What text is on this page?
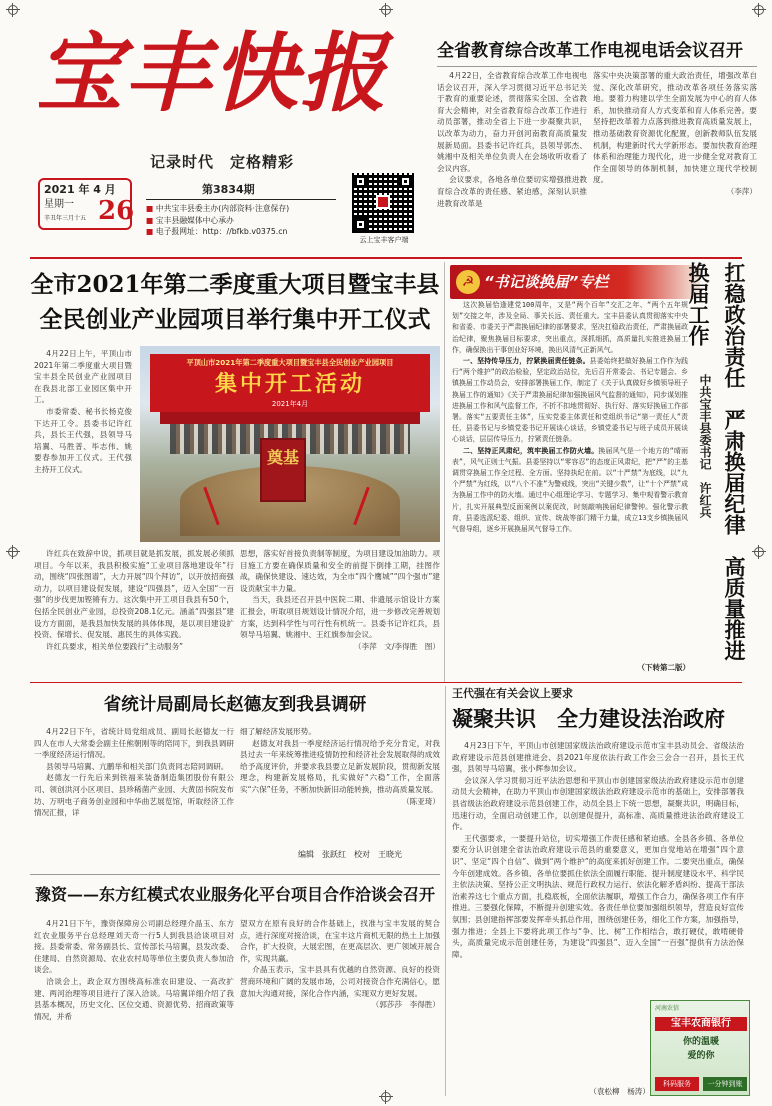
宝丰快报
记录时代　定格精彩
2021 年 4 月
星期一
辛丑年三月十五 26
第3834期
■ 中共宝丰县委主办(内部资料·注意保存)
■ 宝丰县融媒体中心承办
■ 电子报网址：http：//bfkb.v0375.cn
云上宝丰客户端
全省教育综合改革工作电视电话会议召开

4月22日，全省教育综合改革工作电视电话会议召开，深入学习贯彻习近平总书记关于教育的重要论述，贯彻落实全国、全省教育大会精神，对全省教育综合改革工作进行动员部署，推动全省上下进一步凝聚共识，以改革为动力，奋力开创河南教育高质量发展新局面。县委书记许红兵，县领导郭杰、姚湘中及相关单位负责人在会场收听收看了会议内容。

会议要求，各地各单位要切实增强推进教育综合改革的责任感、紧迫感，深刻认识推进教育改革是

落实中央决策部署的重大政治责任，增强改革自觉、深化改革研究，推动改革各项任务落实落地。要着力构建以学生全面发展为中心的育人体系，加快推动育人方式变革和育人体系完善。要坚持把改革着力点落到推进教育高质量发展上，推动基础教育资源优化配置，创新教师队伍发展机制，构建新时代大学新形态。要加快教育治理体系和治理能力现代化，进一步健全党对教育工作全面领导的体制机制，加快建立现代学校制度。

（李萍）

全市2021年第二季度重大项目暨宝丰县
全民创业产业园项目举行集中开工仪式

4月22日上午，平顶山市2021年第二季度重大项目暨宝丰县全民创业产业园项目在我县北部工业园区集中开工。

市委常委、秘书长杨克俊下达开工令。县委书记许红兵，县长王代强，县领导马培翼、马胜普、毕志伟、姚要春参加开工仪式。王代强主持开工仪式。

平顶山市2021年第二季度重大项目暨宝丰县全民创业产业园项目
集中开工活动
2021年4月
奠基

许红兵在致辞中说，抓项目就是抓发展，抓发展必须抓项目。今年以来，我县积极实施“工业项目落地建设年”行动，围绕“四张图谱”，大力开展“四个拜访”，以开放招商强动力，以项目建设促发展，建设“四强县”，迈入全国“一百强”的步伐更加铿锵有力。这次集中开工项目我县有50个，包括全民创业产业园，总投资208.1亿元。涵盖“四强县”建设方方面面，是我县加快发展的具体体现，是以项目建设扩投资、保增长、促发展、惠民生的具体实践。

许红兵要求，相关单位要践行“主动服务”

思想，落实好首接负责制等制度，为项目建设加油助力。项目施工方要在确保质量和安全的前提下倒排工期，挂图作战，确保快建设、速达效，为全市“四个鹰城”“四个强市”建设贡献宝丰力量。

当天，我县还召开县中医院二期、非遗展示馆设计方案汇报会，听取项目规划设计情况介绍，进一步修改完善规划方案，达到科学性与可行性有机统一。县委书记许红兵，县领导马培翼、姚湘中、王红旗参加会议。

（李萍　文/李得胜　图）

☭ “书记谈换届”专栏	扛稳政治责任　严肃换届纪律　高质量推进换届工作
中共宝丰县委书记　许红兵

这次换届恰逢建党100周年，又是“两个百年”交汇之年、“两个五年规划”交接之年，涉及全局、事关长远、责任重大。宝丰县委认真贯彻落实中央和省委、市委关于严肃换届纪律的部署要求，坚决扛稳政治责任，严肃换届政治纪律，聚焦换届目标要求，突出重点，深抓细抓，高质量扎实推进换届工作，确保换出干事创业好环境，换出风清气正新风气。

一、坚持传导压力，拧紧换届责任链条。县委始终把做好换届工作作为践行“两个维护”的政治检验，坚定政治站位，先后召开常委会、书记专题会、乡镇换届工作动员会，安排部署换届工作，制定了《关于认真做好乡镇领导班子换届工作的通知》《关于严肃换届纪律加强换届风气监督的通知》，同步谋划推进换届工作和风气监督工作，不折不扣地贯彻好、执行好、落实好换届工作部署。落实“五要责任主体”，压实党委主体责任和党组织书记“第一责任人”责任，县委书记与乡镇党委书记开展谈心谈话，乡镇党委书记与班子成员开展谈心谈话，层层传导压力，拧紧责任链条。

二、坚持正风肃纪，筑牢换届工作防火墙。换届风气是一个地方的“晴雨表”，风气正则士气振。县委坚持以“零容忍”的态度正风肃纪，把“严”的主基调贯穿换届工作全过程、全方面。坚持执纪在前。以“十严禁”为底线，以“九个严禁”为红线，以“八个不准”为警戒线，突出“关键少数”，让“十个严禁”成为换届工作中的防火墙。通过中心组理论学习、专题学习、集中观看警示教育片，扎实开展典型反面案例以案促改，时刻敲响换届纪律警钟。强化警示教育，县委选派纪委、组织、宣传、统战等部门精干力量，成立13支乡镇换届风气督导组，逐乡开展换届风气督导工作。

（下转第二版）
王代强在有关会议上要求
凝聚共识　全力建设法治政府

4月23日下午，平顶山市创建国家级法治政府建设示范市宝丰县动员会、省级法治政府建设示范县创建推进会、县2021年度依法行政工作会三会合一召开，县长王代强，县领导马培翼，张小辉参加会议。

会议深入学习贯彻习近平法治思想和平顶山市创建国家级法治政府建设示范市创建动员大会精神，在助力平顶山市创建国家级法治政府建设示范市的基础上，安排部署我县省级法治政府建设示范县创建工作，动员全县上下统一思想，凝聚共识，明确目标，迅速行动，全面启动创建工作，以创建促提升，高标准、高质量推进法治政府建设工作。

王代强要求，一要提升站位，切实增强工作责任感和紧迫感。全县各乡镇、各单位要充分认识创建全省法治政府建设示范县的重要意义，更加自觉地站在增强“四个意识”、坚定“四个自信”、做到“两个维护”的高度来抓好创建工作。二要突出重点，确保今年创建成效。各乡镇、各单位要抓住依法全面履行职能、提升制度建设水平、科学民主依法决策、坚持公正文明执法、规范行政权力运行、依法化解矛盾纠纷、提高干部法治素养这七个重点方面，扎稳底板，全面依法履职，增强工作合力，确保各项工作有序推进。三要强化保障，不断提升创建实效。各责任单位要加强组织领导，营造良好宣传氛围；县创建指挥部要发挥牵头抓总作用，围绕创建任务，细化工作方案，加强指导，强力推进；全县上下要将此项工作与“争、比、树”工作相结合，敢打硬仗，敢啃硬骨头，高质量完成示范创建任务，为建设“四强县”、迈入全国“一百强”提供有力法治保障。

（袁松柳　杨涛）
河南农信
宝丰农商银行
你的温暖
爱的你
科码服务	一分钟到账
省统计局副局长赵德友到我县调研

4月22日下午，省统计局党组成员、副局长赵德友一行四人在市人大常委会副主任熊朝刚等的陪同下，到我县调研一季度经济运行情况。

县领导马培翼、亢鹏举和相关部门负责同志陪同调研。

赵德友一行先后来到铁福来装备制造集团股份有限公司、领创洪河小区项目、县珍稀菌产业园、大黄固书院发布坊、万明电子商务创业园和中华曲艺展览馆，听取经济工作情况汇报，详

细了解经济发展形势。

赵德友对我县一季度经济运行情况给予充分肯定，对我县过去一年来统筹推进疫情防控和经济社会发展取得的成效给予高度评价，并要求我县要立足新发展阶段，贯彻新发展理念，构建新发展格局，扎实做好“六稳”工作，全面落实“六保”任务，不断加快新旧动能转换，推动高质量发展。

（陈亚琦）

编辑　张跃红　校对　王晓光
豫资——东方红模式农业服务化平台项目合作洽谈会召开

4月21日下午，豫资保障房公司副总经理介晶玉、东方红农业服务平台总经理刘天奇一行5人到我县洽谈项目对接。县委常委、常务副县长、宣传部长马培翼，县发改委、住建局、自然资源局、农业农村局等单位主要负责人参加洽谈会。

洽谈会上，政企双方围绕高标准农田建设、一高改扩建、两河治理等项目进行了深入洽谈。马培翼详细介绍了我县基本概况，历史文化、区位交通、资源优势、招商政策等情况，并希

望双方在原有良好的合作基础上，找准与宝丰发展的契合点，进行深度对接洽谈，在宝丰这片商机无限的热土上加强合作，扩大投资，大展宏图，在更高层次、更广领域开展合作，实现共赢。

介晶玉表示，宝丰县具有优越的自然资源、良好的投资营商环境和广阔的发展市场，公司对接资合作充满信心，愿意加大沟通对接，深化合作内涵，实现双方更好发展。

（郭莎莎　李得胜）
